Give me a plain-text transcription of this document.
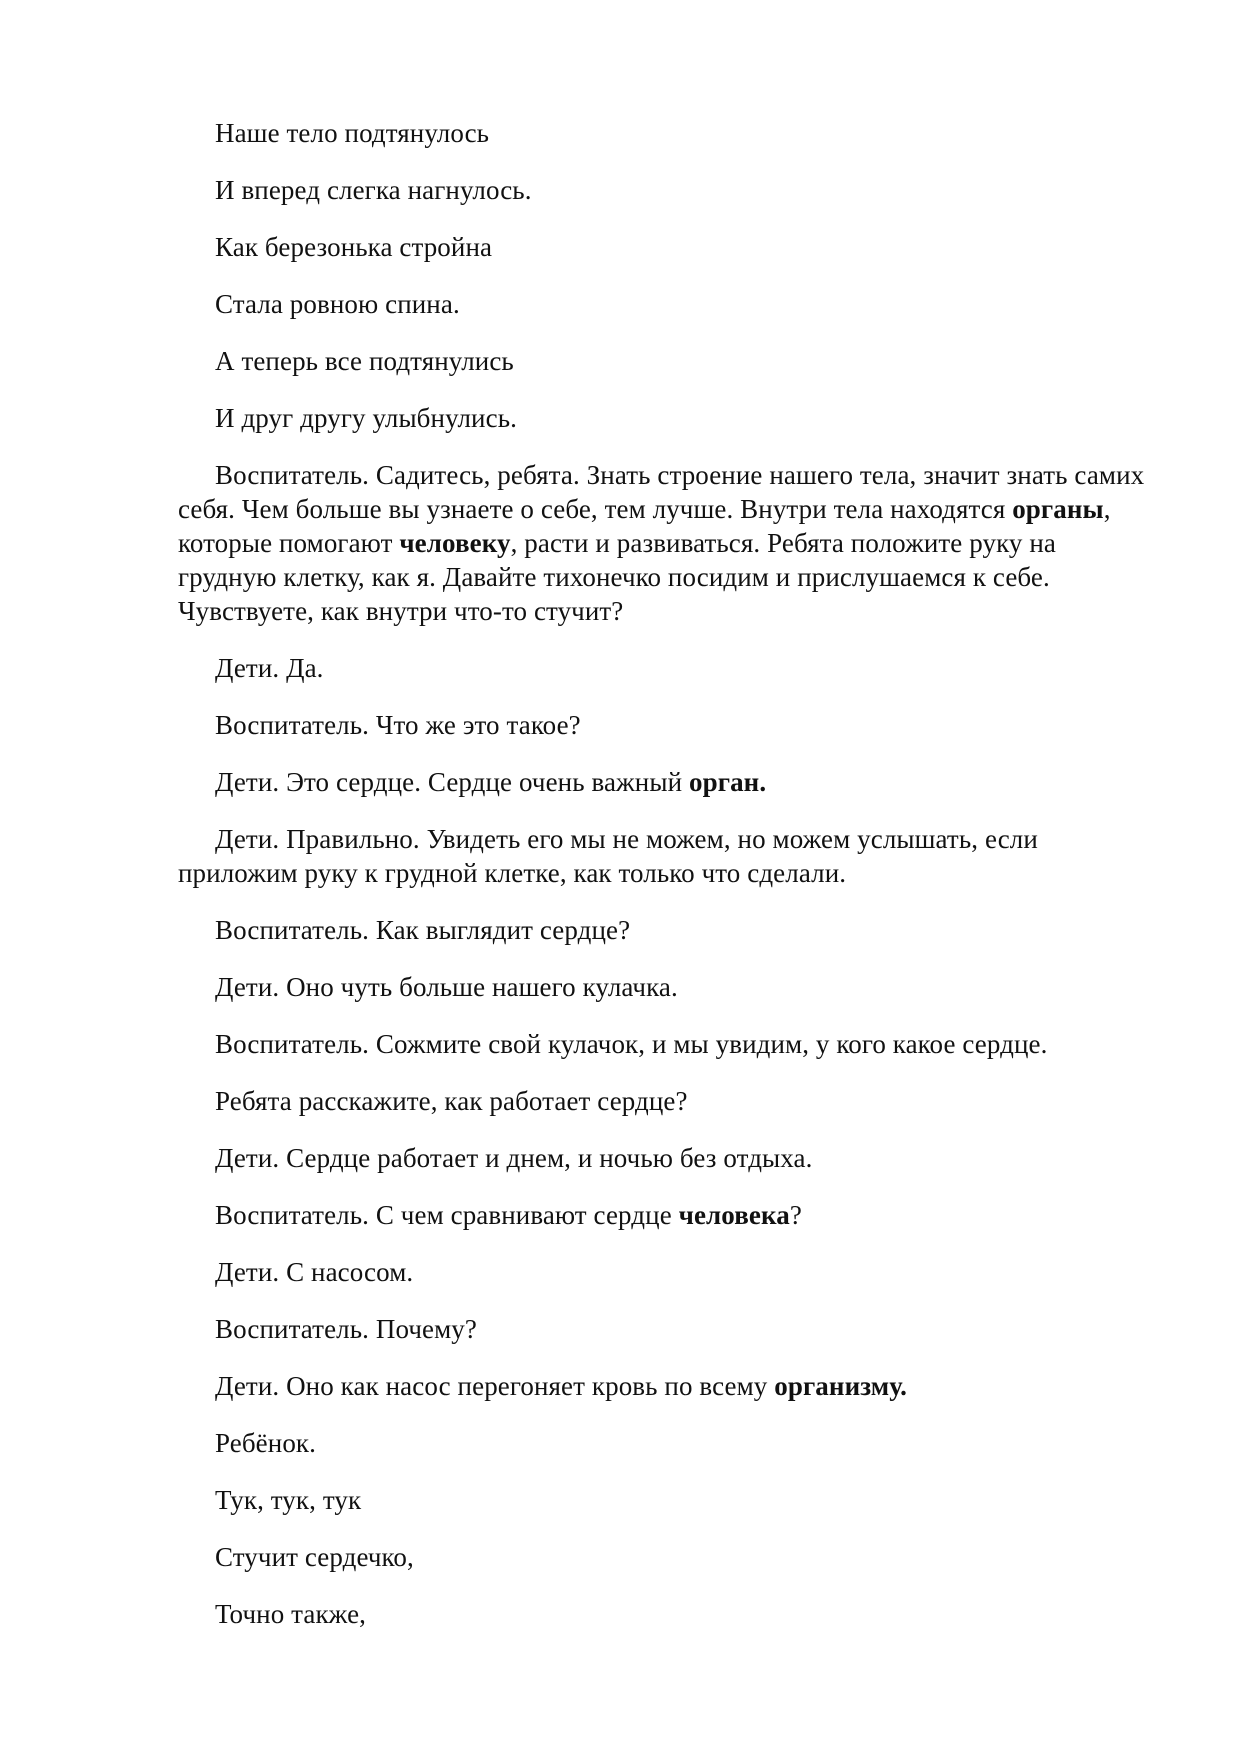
Наше тело подтянулось

И вперед слегка нагнулось.

Как березонька стройна

Стала ровною спина.

А теперь все подтянулись

И друг другу улыбнулись.

Воспитатель. Садитесь, ребята. Знать строение нашего тела, значит знать самих себя. Чем больше вы узнаете о себе, тем лучше. Внутри тела находятся органы, которые помогают человеку, расти и развиваться. Ребята положите руку на грудную клетку, как я. Давайте тихонечко посидим и прислушаемся к себе. Чувствуете, как внутри что-то стучит?

Дети. Да.

Воспитатель. Что же это такое?

Дети. Это сердце. Сердце очень важный орган.

Дети. Правильно. Увидеть его мы не можем, но можем услышать, если приложим руку к грудной клетке, как только что сделали.

Воспитатель. Как выглядит сердце?

Дети. Оно чуть больше нашего кулачка.

Воспитатель. Сожмите свой кулачок, и мы увидим, у кого какое сердце.

Ребята расскажите, как работает сердце?

Дети. Сердце работает и днем, и ночью без отдыха.

Воспитатель. С чем сравнивают сердце человека?

Дети. С насосом.

Воспитатель. Почему?

Дети. Оно как насос перегоняет кровь по всему организму.

Ребёнок.

Тук, тук, тук

Стучит сердечко,

Точно также,
